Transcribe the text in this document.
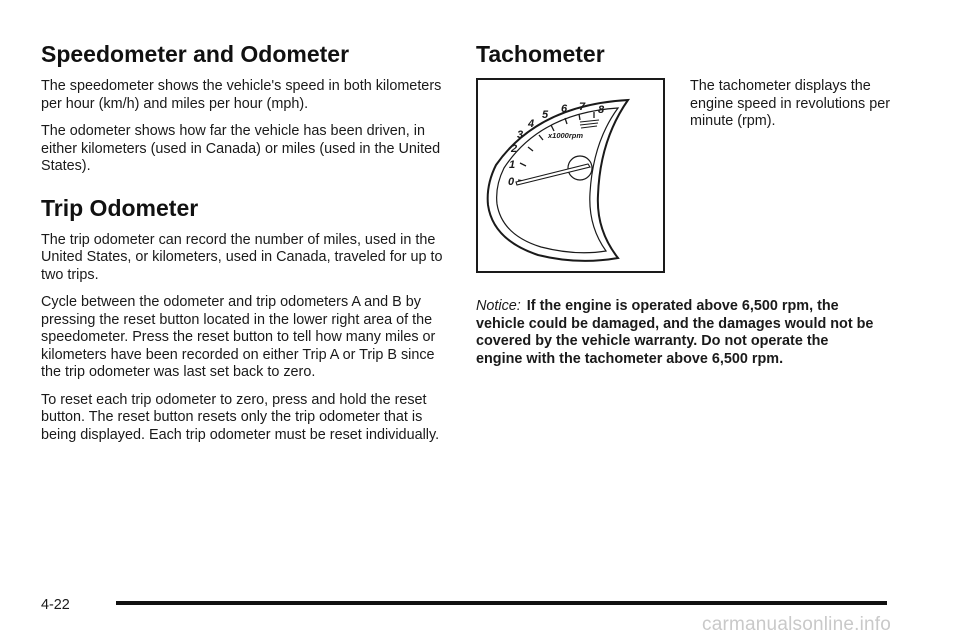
Speedometer and Odometer

The speedometer shows the vehicle's speed in both kilometers per hour (km/h) and miles per hour (mph).

The odometer shows how far the vehicle has been driven, in either kilometers (used in Canada) or miles (used in the United States).

Trip Odometer

The trip odometer can record the number of miles, used in the United States, or kilometers, used in Canada, traveled for up to two trips.

Cycle between the odometer and trip odometers A and B by pressing the reset button located in the lower right area of the speedometer. Press the reset button to tell how many miles or kilometers have been recorded on either Trip A or Trip B since the trip odometer was last set back to zero.

To reset each trip odometer to zero, press and hold the reset button. The reset button resets only the trip odometer that is being displayed. Each trip odometer must be reset individually.

Tachometer
0
1
2
3
4
5 6 7 8
x1000rpm

The tachometer displays the engine speed in revolutions per minute (rpm).

Notice: If the engine is operated above 6,500 rpm, the vehicle could be damaged, and the damages would not be covered by the vehicle warranty. Do not operate the engine with the tachometer above 6,500 rpm.

4-22
carmanualsonline.info
